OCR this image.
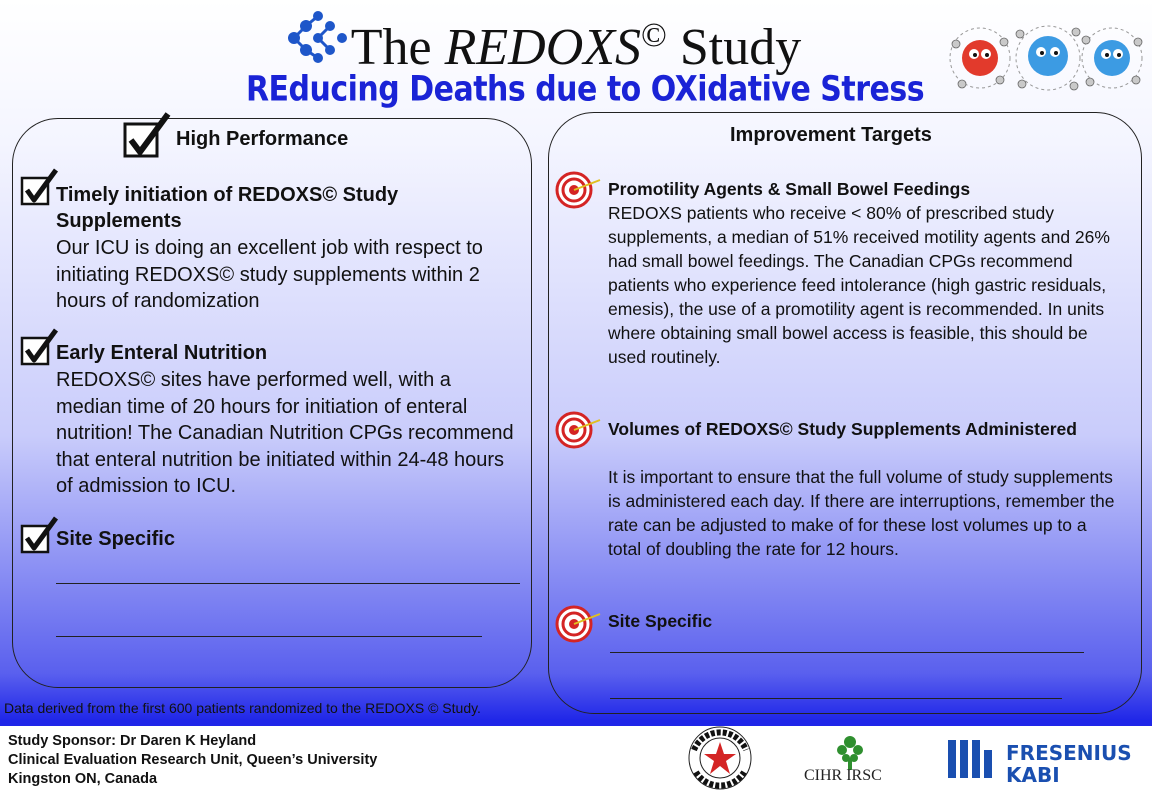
The REDOXS© Study
REducing Deaths due to OXidative Stress
High Performance
Timely initiation of REDOXS© Study
Supplements
Our ICU is doing an excellent job with respect to initiating REDOXS© study supplements within 2 hours of randomization
Early Enteral Nutrition
REDOXS© sites have performed well, with a median time of 20 hours for initiation of enteral nutrition! The Canadian Nutrition CPGs recommend that enteral nutrition be initiated within 24-48 hours of admission to ICU.
Site Specific
Improvement Targets
Promotility Agents & Small Bowel Feedings
REDOXS patients who receive < 80% of prescribed study supplements, a median of 51% received motility agents and 26% had small bowel feedings. The Canadian CPGs recommend patients who experience feed intolerance (high gastric residuals, emesis), the use of a promotility agent is recommended. In units where obtaining small bowel access is feasible, this should be used routinely.
Volumes of REDOXS© Study Supplements Administered
It is important to ensure that the full volume of study supplements is administered each day. If there are interruptions, remember the rate can be adjusted to make of for these lost volumes up to a total of doubling the rate for 12 hours.
Site Specific
Data derived from the first 600 patients randomized to the REDOXS © Study.
Study Sponsor: Dr Daren K Heyland
Clinical Evaluation Research Unit, Queen’s University
Kingston ON, Canada	CIHR IRSC
FRESENIUS
KABI
